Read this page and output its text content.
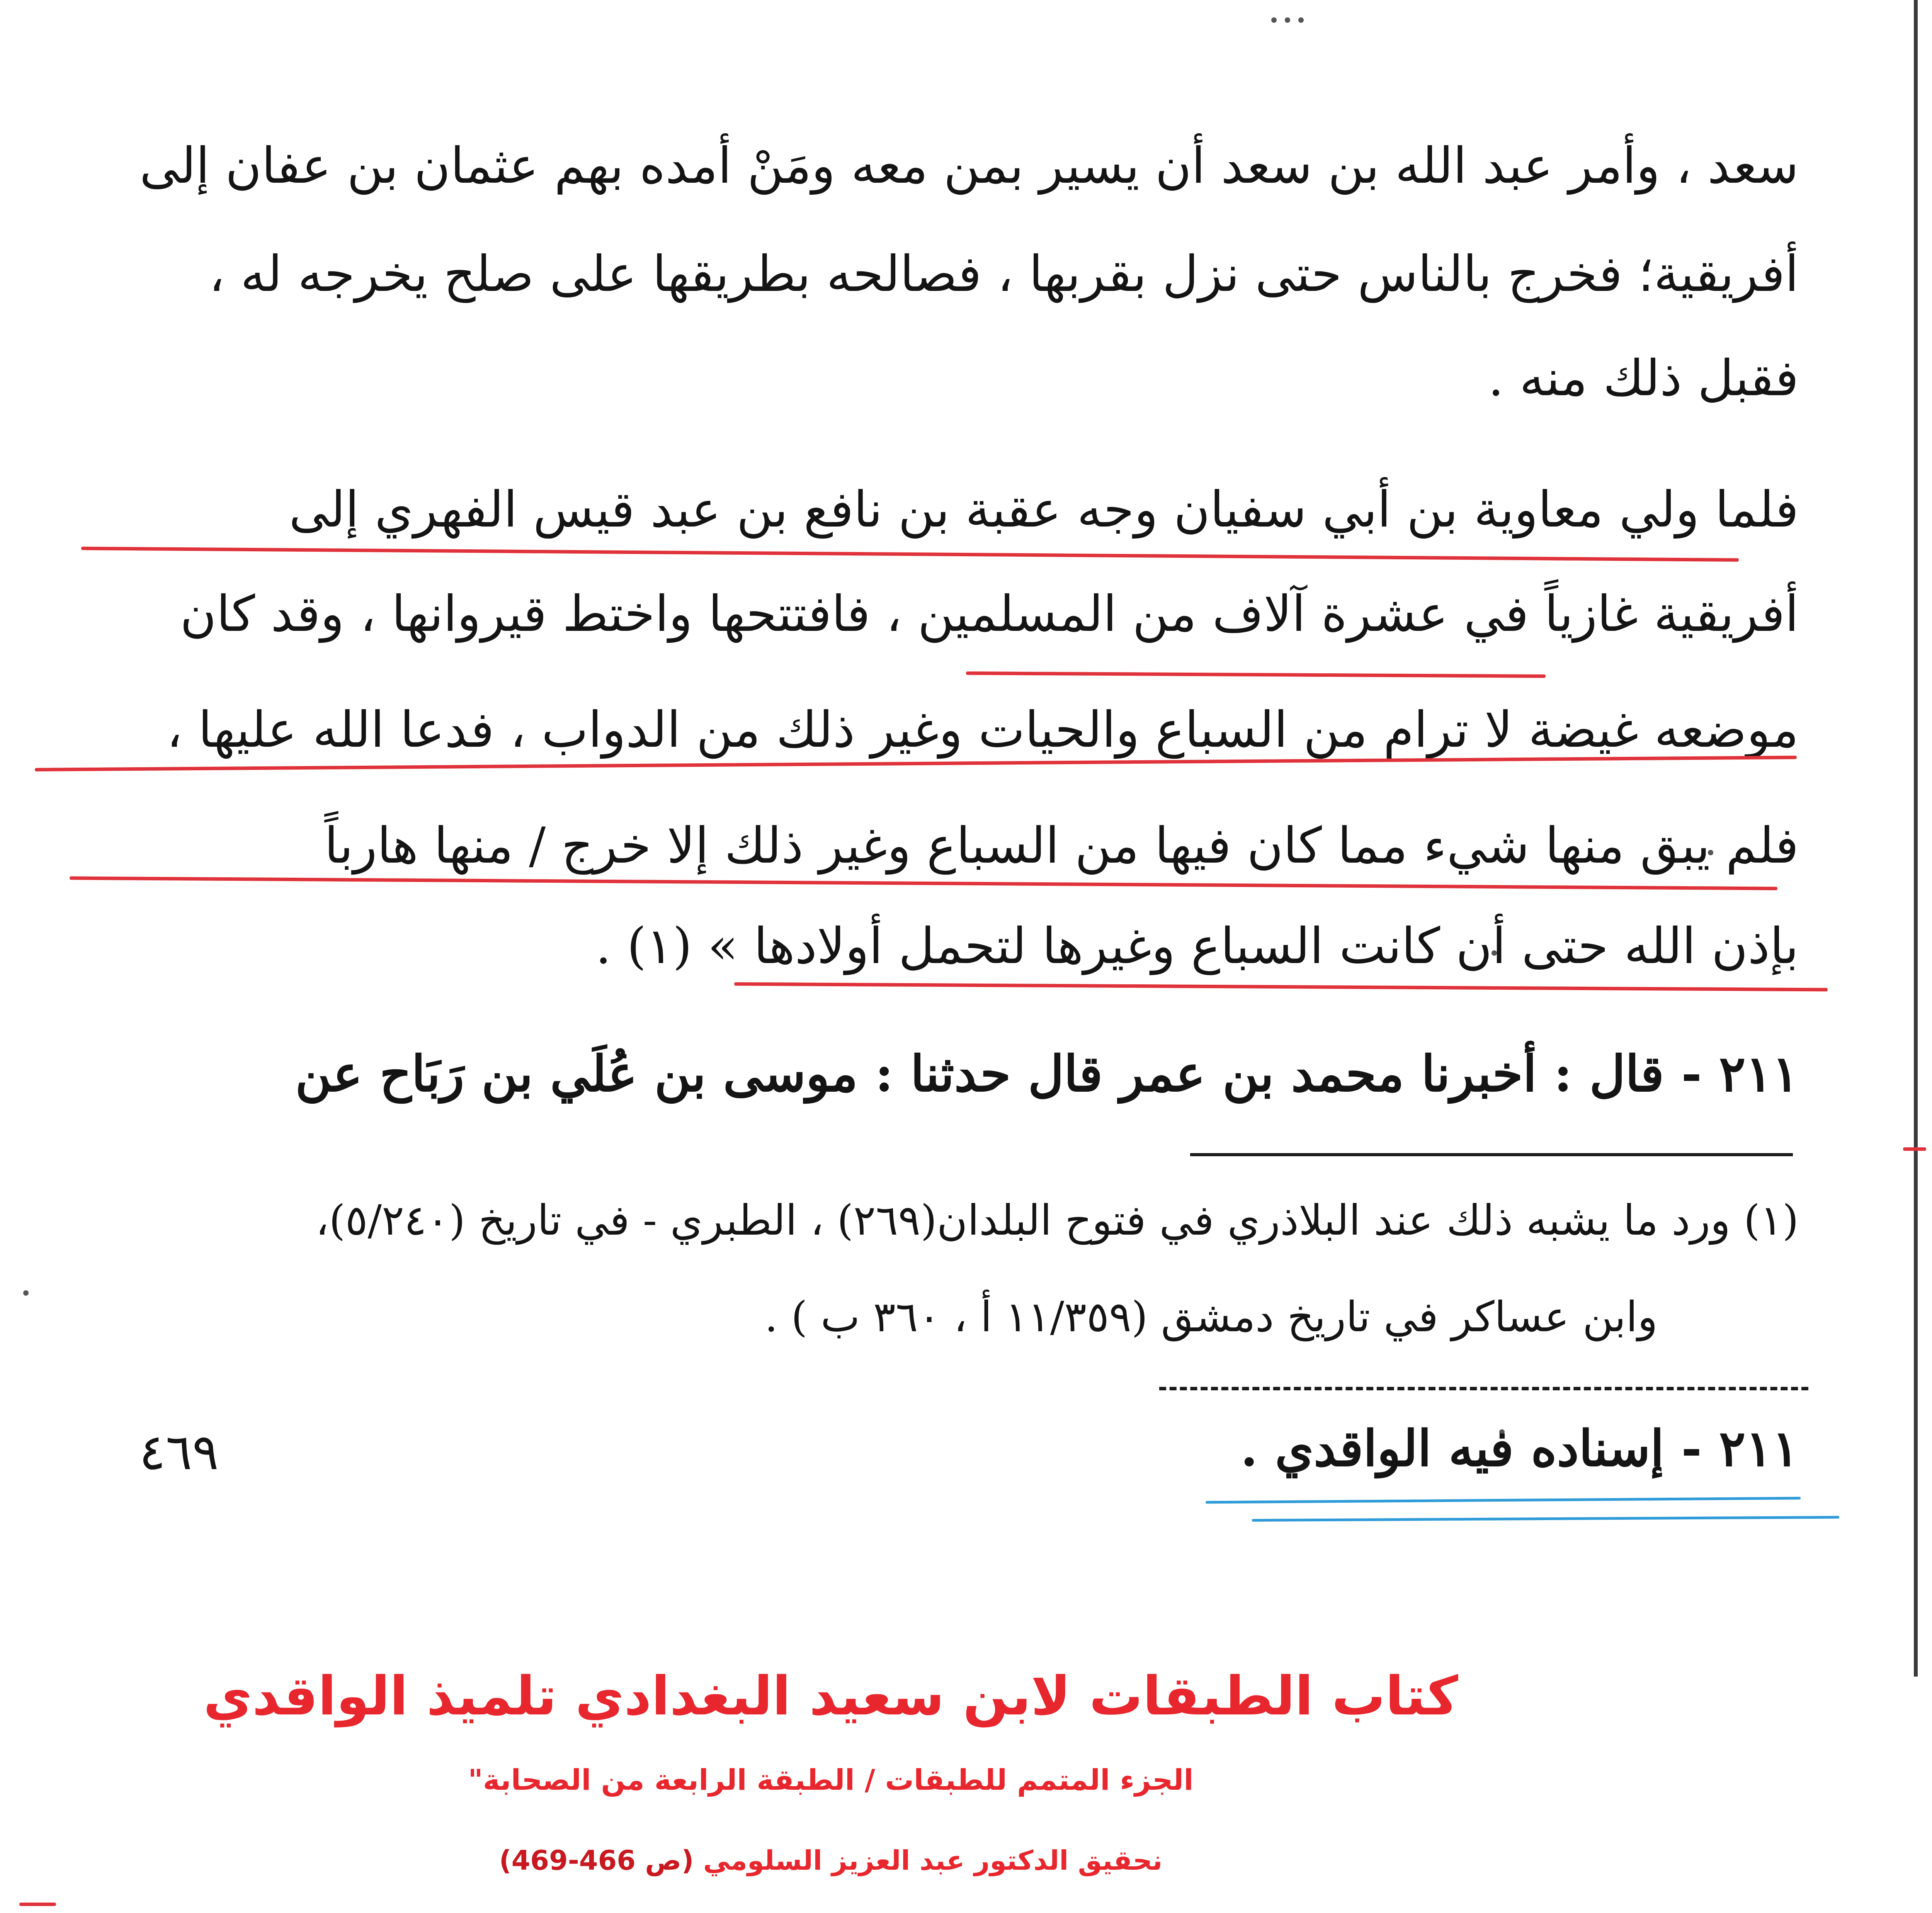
سعد ، وأمر عبد الله بن سعد أن يسير بمن معه ومَنْ أمده بهم عثمان بن عفان إلى

أفريقية؛ فخرج بالناس حتى نزل بقربها ، فصالحه بطريقها على صلح يخرجه له ،

فقبل ذلك منه .

فلما ولي معاوية بن أبي سفيان وجه عقبة بن نافع بن عبد قيس الفهري إلى

أفريقية غازياً في عشرة آلاف من المسلمين ، فافتتحها واختط قيروانها ، وقد كان

موضعه غيضة لا ترام من السباع والحيات وغير ذلك من الدواب ، فدعا الله عليها ،

فلم يبق منها شيء مما كان فيها من السباع وغير ذلك إلا خرج / منها هارباً

بإذن الله حتى أن كانت السباع وغيرها لتحمل أولادها » (١) .

٢١١ - قال : أخبرنا محمد بن عمر قال حدثنا : موسى بن عُلَي بن رَبَاح عن

(١) ورد ما يشبه ذلك عند البلاذري في فتوح البلدان(٢٦٩) ، الطبري - في تاريخ (٥/٢٤٠)،

وابن عساكر في تاريخ دمشق (١١/٣٥٩ أ ، ٣٦٠ ب ) .

٢١١ - إسناده فيه الواقدي .

٤٦٩

كتاب الطبقات لابن سعيد البغدادي تلميذ الواقدي

الجزء المتمم للطبقات / الطبقة الرابعة من الصحابة"

نحقيق الدكتور عبد العزيز السلومي (ص 466-469)
